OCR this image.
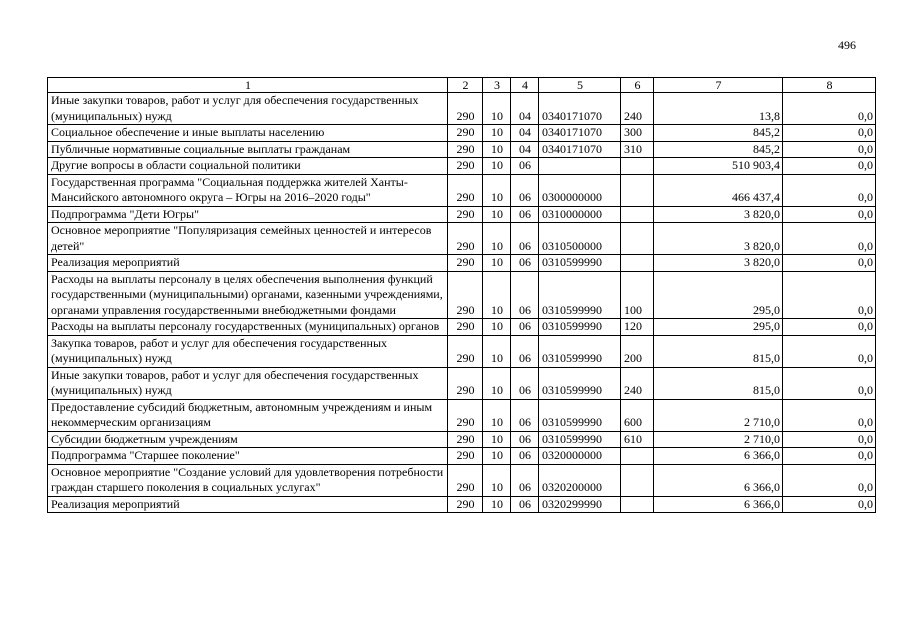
496
1	2	3	4	5	6	7	8
Иные закупки товаров, работ и услуг для обеспечения государственных (муниципальных) нужд	290	10	04	0340171070	240	13,8	0,0
Социальное обеспечение и иные выплаты населению	290	10	04	0340171070	300	845,2	0,0
Публичные нормативные социальные выплаты гражданам	290	10	04	0340171070	310	845,2	0,0
Другие вопросы в области социальной политики	290	10	06			510 903,4	0,0
Государственная программа "Социальная поддержка жителей Ханты-Мансийского автономного округа – Югры на 2016–2020 годы"	290	10	06	0300000000		466 437,4	0,0
Подпрограмма "Дети Югры"	290	10	06	0310000000		3 820,0	0,0
Основное мероприятие "Популяризация семейных ценностей и интересов детей"	290	10	06	0310500000		3 820,0	0,0
Реализация мероприятий	290	10	06	0310599990		3 820,0	0,0
Расходы на выплаты персоналу в целях обеспечения выполнения функций государственными (муниципальными) органами, казенными учреждениями, органами управления государственными внебюджетными фондами	290	10	06	0310599990	100	295,0	0,0
Расходы на выплаты персоналу государственных (муниципальных) органов	290	10	06	0310599990	120	295,0	0,0
Закупка товаров, работ и услуг для обеспечения государственных (муниципальных) нужд	290	10	06	0310599990	200	815,0	0,0
Иные закупки товаров, работ и услуг для обеспечения государственных (муниципальных) нужд	290	10	06	0310599990	240	815,0	0,0
Предоставление субсидий бюджетным, автономным учреждениям и иным некоммерческим организациям	290	10	06	0310599990	600	2 710,0	0,0
Субсидии бюджетным учреждениям	290	10	06	0310599990	610	2 710,0	0,0
Подпрограмма "Старшее поколение"	290	10	06	0320000000		6 366,0	0,0
Основное мероприятие "Создание условий для удовлетворения потребности граждан старшего поколения в социальных услугах"	290	10	06	0320200000		6 366,0	0,0
Реализация мероприятий	290	10	06	0320299990		6 366,0	0,0
